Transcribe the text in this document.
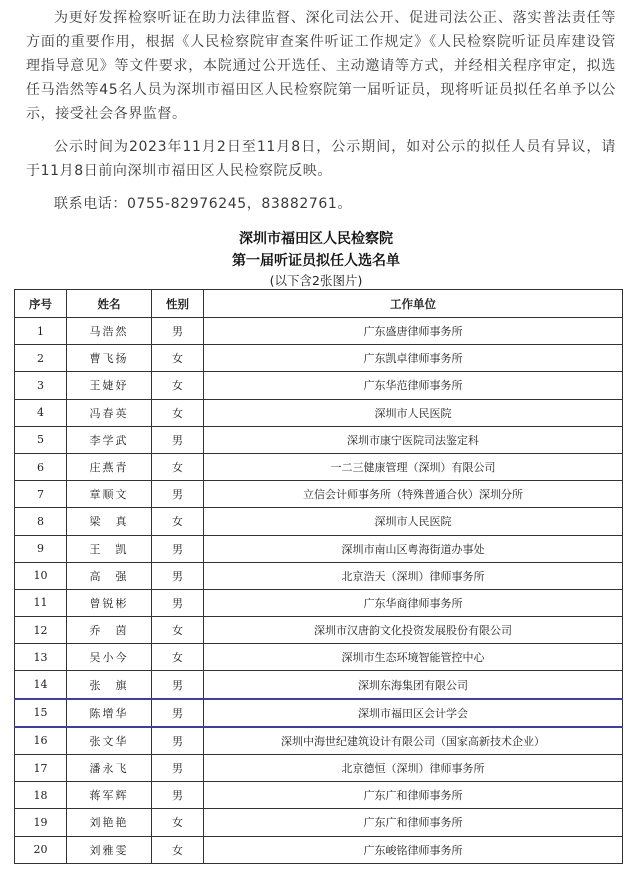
为更好发挥检察听证在助力法律监督、深化司法公开、促进司法公正、落实普法责任等方面的重要作用，根据《人民检察院审查案件听证工作规定》《人民检察院听证员库建设管理指导意见》等文件要求，本院通过公开选任、主动邀请等方式，并经相关程序审定，拟选任马浩然等45名人员为深圳市福田区人民检察院第一届听证员，现将听证员拟任名单予以公示，接受社会各界监督。

公示时间为2023年11月2日至11月8日，公示期间，如对公示的拟任人员有异议，请于11月8日前向深圳市福田区人民检察院反映。

联系电话：0755-82976245，83882761。

深圳市福田区人民检察院
第一届听证员拟任人选名单
(以下含2张图片)
序号	姓名	性别	工作单位
1	马浩然	男	广东盛唐律师事务所
2	曹飞扬	女	广东凯卓律师事务所
3	王婕妤	女	广东华范律师事务所
4	冯春英	女	深圳市人民医院
5	李学武	男	深圳市康宁医院司法鉴定科
6	庄燕青	女	一二三健康管理（深圳）有限公司
7	章顺文	男	立信会计师事务所（特殊普通合伙）深圳分所
8	梁　真	女	深圳市人民医院
9	王　凯	男	深圳市南山区粤海街道办事处
10	高　强	男	北京浩天（深圳）律师事务所
11	曾锐彬	男	广东华商律师事务所
12	乔　茵	女	深圳市汉唐韵文化投资发展股份有限公司
13	吴小今	女	深圳市生态环境智能管控中心
14	张　旗	男	深圳东海集团有限公司
15	陈增华	男	深圳市福田区会计学会
16	张文华	男	深圳中海世纪建筑设计有限公司（国家高新技术企业）
17	潘永飞	男	北京德恒（深圳）律师事务所
18	蒋军辉	男	广东广和律师事务所
19	刘艳艳	女	广东广和律师事务所
20	刘雅雯	女	广东峻铭律师事务所
